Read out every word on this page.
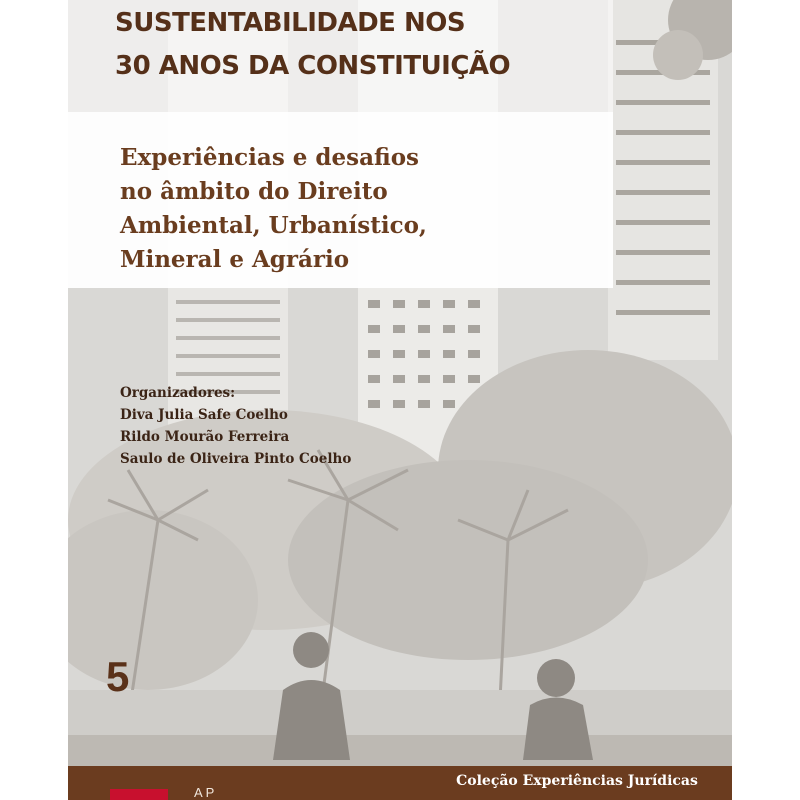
SUSTENTABILIDADE NOS
30 ANOS DA CONSTITUIÇÃO
Experiências e desafios
no âmbito do Direito
Ambiental, Urbanístico,
Mineral e Agrário
Organizadores:
Diva Julia Safe Coelho
Rildo Mourão Ferreira
Saulo de Oliveira Pinto Coelho
5
A P
Coleção Experiências Jurídicas
